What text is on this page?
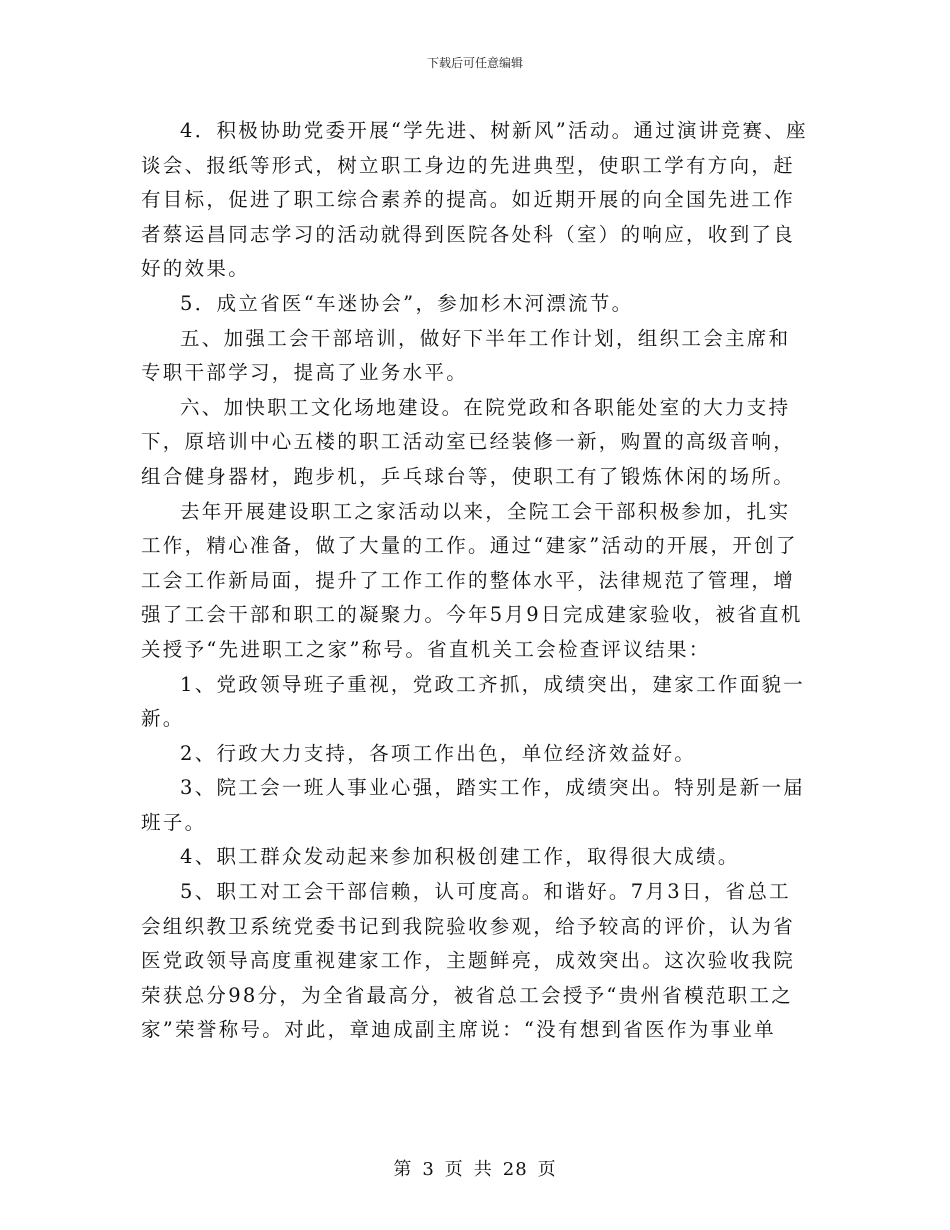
下载后可任意编辑

4．积极协助党委开展“学先进、树新风”活动。通过演讲竞赛、座谈会、报纸等形式，树立职工身边的先进典型，使职工学有方向，赶有目标，促进了职工综合素养的提高。如近期开展的向全国先进工作者蔡运昌同志学习的活动就得到医院各处科（室）的响应，收到了良好的效果。

5．成立省医“车迷协会”，参加杉木河漂流节。

五、加强工会干部培训，做好下半年工作计划，组织工会主席和专职干部学习，提高了业务水平。

六、加快职工文化场地建设。在院党政和各职能处室的大力支持下，原培训中心五楼的职工活动室已经装修一新，购置的高级音响，组合健身器材，跑步机，乒乓球台等，使职工有了锻炼休闲的场所。

去年开展建设职工之家活动以来，全院工会干部积极参加，扎实工作，精心准备，做了大量的工作。通过“建家”活动的开展，开创了工会工作新局面，提升了工作工作的整体水平，法律规范了管理，增强了工会干部和职工的凝聚力。今年5月9日完成建家验收，被省直机关授予“先进职工之家”称号。省直机关工会检查评议结果：

1、党政领导班子重视，党政工齐抓，成绩突出，建家工作面貌一新。

2、行政大力支持，各项工作出色，单位经济效益好。

3、院工会一班人事业心强，踏实工作，成绩突出。特别是新一届班子。

4、职工群众发动起来参加积极创建工作，取得很大成绩。

5、职工对工会干部信赖，认可度高。和谐好。7月3日，省总工会组织教卫系统党委书记到我院验收参观，给予较高的评价，认为省医党政领导高度重视建家工作，主题鲜亮，成效突出。这次验收我院荣获总分98分，为全省最高分，被省总工会授予“贵州省模范职工之家”荣誉称号。对此，章迪成副主席说：“没有想到省医作为事业单

第 3 页 共 28 页
